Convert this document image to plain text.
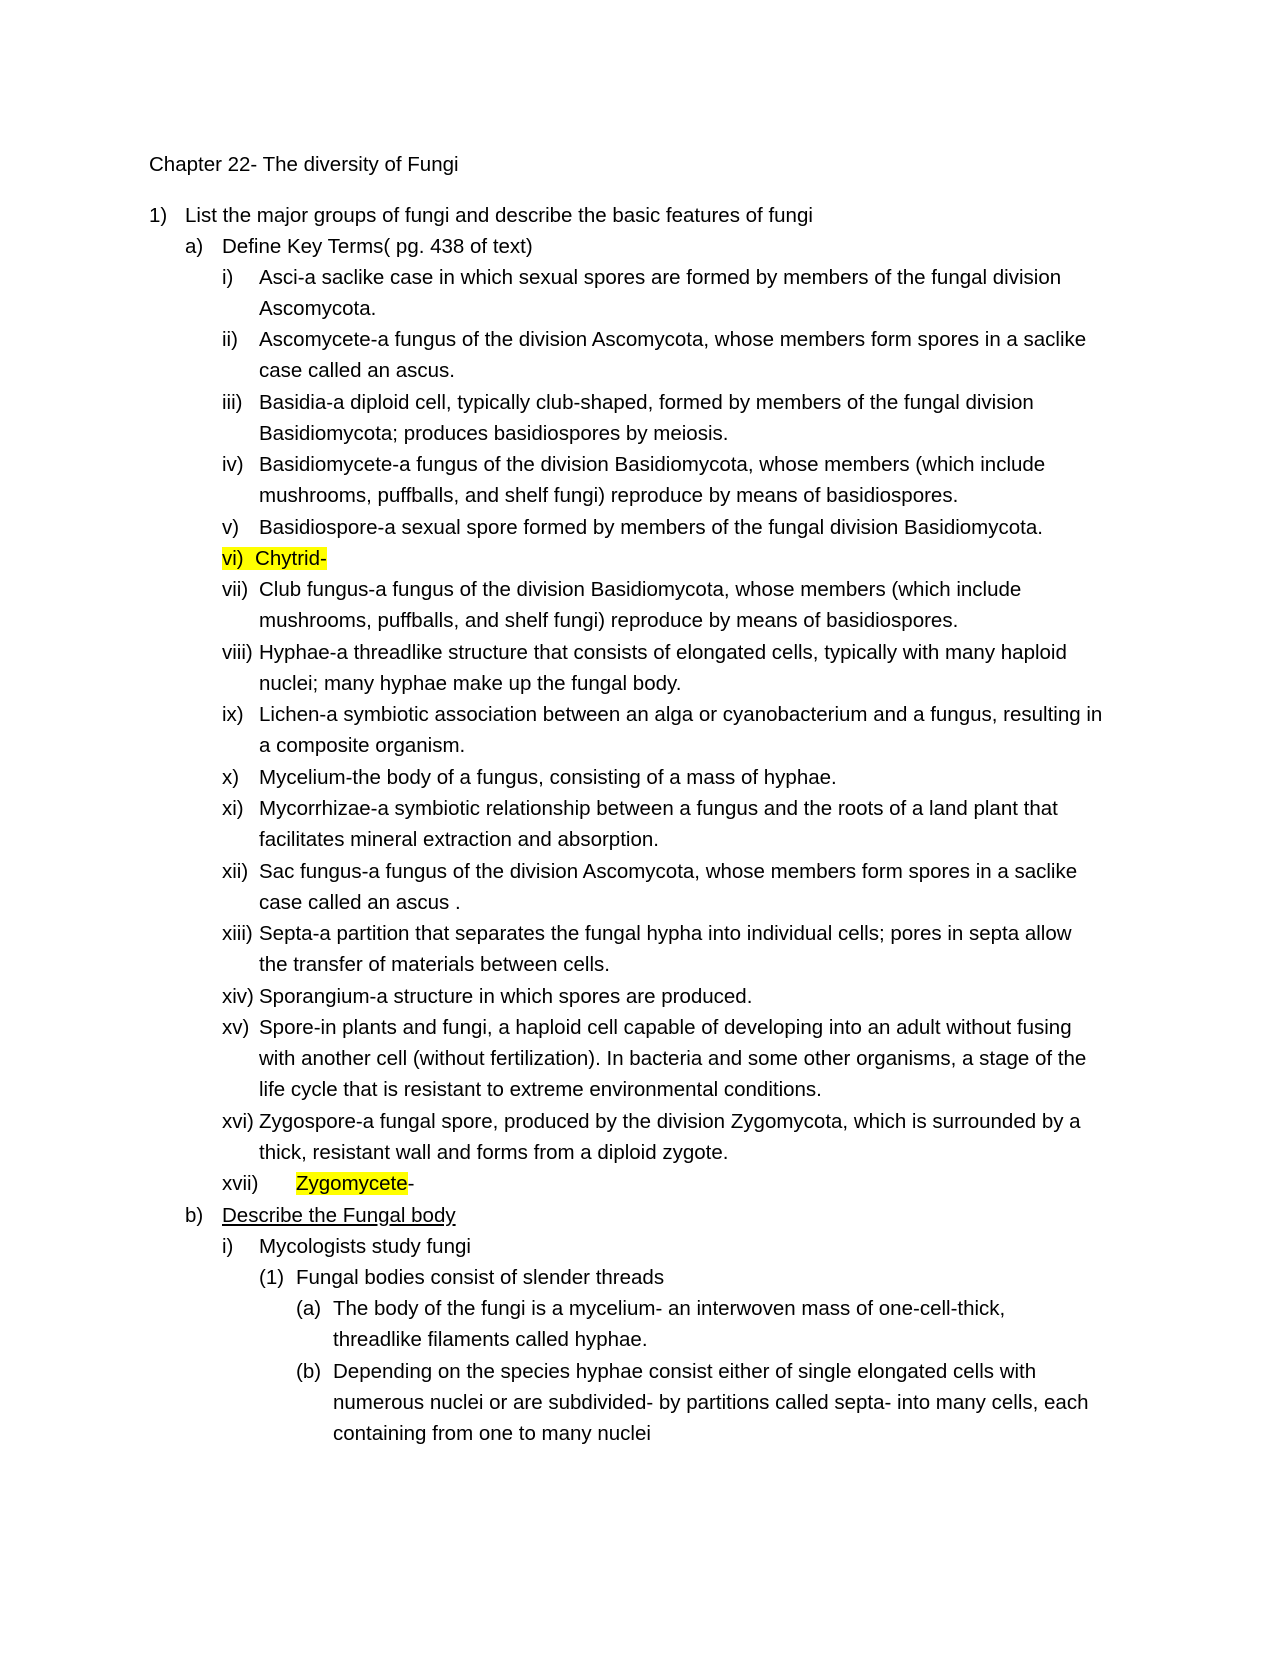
Chapter 22- The diversity of Fungi
1) List the major groups of fungi and describe the basic features of fungi
a) Define Key Terms( pg. 438 of text)
i) Asci-a saclike case in which sexual spores are formed by members of the fungal division
Ascomycota.
ii) Ascomycete-a fungus of the division Ascomycota, whose members form spores in a saclike
case called an ascus.
iii) Basidia-a diploid cell, typically club-shaped, formed by members of the fungal division
Basidiomycota; produces basidiospores by meiosis.
iv) Basidiomycete-a fungus of the division Basidiomycota, whose members (which include
mushrooms, puffballs, and shelf fungi) reproduce by means of basidiospores.
v) Basidiospore-a sexual spore formed by members of the fungal division Basidiomycota.
vi) Chytrid-
vii) Club fungus-a fungus of the division Basidiomycota, whose members (which include
mushrooms, puffballs, and shelf fungi) reproduce by means of basidiospores.
viii) Hyphae-a threadlike structure that consists of elongated cells, typically with many haploid
nuclei; many hyphae make up the fungal body.
ix) Lichen-a symbiotic association between an alga or cyanobacterium and a fungus, resulting in
a composite organism.
x) Mycelium-the body of a fungus, consisting of a mass of hyphae.
xi) Mycorrhizae-a symbiotic relationship between a fungus and the roots of a land plant that
facilitates mineral extraction and absorption.
xii) Sac fungus-a fungus of the division Ascomycota, whose members form spores in a saclike
case called an ascus .
xiii) Septa-a partition that separates the fungal hypha into individual cells; pores in septa allow
the transfer of materials between cells.
xiv) Sporangium-a structure in which spores are produced.
xv) Spore-in plants and fungi, a haploid cell capable of developing into an adult without fusing
with another cell (without fertilization). In bacteria and some other organisms, a stage of the
life cycle that is resistant to extreme environmental conditions.
xvi) Zygospore-a fungal spore, produced by the division Zygomycota, which is surrounded by a
thick, resistant wall and forms from a diploid zygote.
xvii) Zygomycete-
b) Describe the Fungal body
i) Mycologists study fungi
(1) Fungal bodies consist of slender threads
(a) The body of the fungi is a mycelium- an interwoven mass of one-cell-thick,
threadlike filaments called hyphae.
(b) Depending on the species hyphae consist either of single elongated cells with
numerous nuclei or are subdivided- by partitions called septa- into many cells, each
containing from one to many nuclei
